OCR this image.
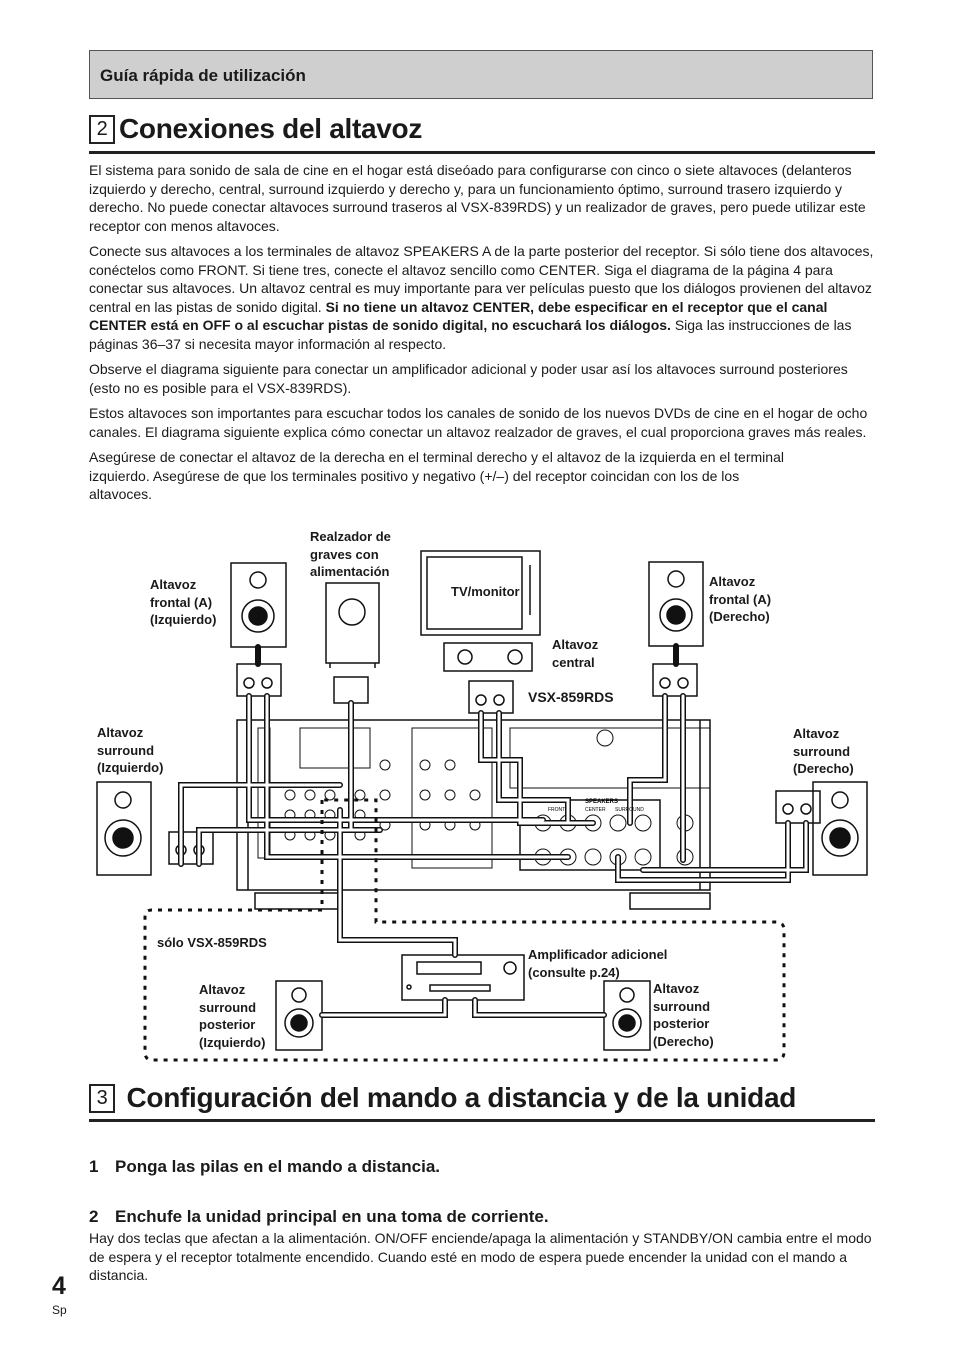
Guía rápida de utilización
2 Conexiones del altavoz

El sistema para sonido de sala de cine en el hogar está diseóado para configurarse con cinco o siete altavoces (delanteros izquierdo y derecho, central, surround izquierdo y derecho y, para un funcionamiento óptimo, surround trasero izquierdo y derecho. No puede conectar altavoces surround traseros al VSX-839RDS) y un realizador de graves, pero puede utilizar este receptor con menos altavoces.

Conecte sus altavoces a los terminales de altavoz SPEAKERS A de la parte posterior del receptor. Si sólo tiene dos altavoces, conéctelos como FRONT. Si tiene tres, conecte el altavoz sencillo como CENTER. Siga el diagrama de la página 4 para conectar sus altavoces. Un altavoz central es muy importante para ver películas puesto que los diálogos provienen del altavoz central en las pistas de sonido digital. Si no tiene un altavoz CENTER, debe especificar en el receptor que el canal CENTER está en OFF o al escuchar pistas de sonido digital, no escuchará los diálogos. Siga las instrucciones de las páginas 36–37 si necesita mayor información al respecto.

Observe el diagrama siguiente para conectar un amplificador adicional y poder usar así los altavoces surround posteriores (esto no es posible para el VSX-839RDS).

Estos altavoces son importantes para escuchar todos los canales de sonido de los nuevos DVDs de cine en el hogar de ocho canales. El diagrama siguiente explica cómo conectar un altavoz realzador de graves, el cual proporciona graves más reales.

Asegúrese de conectar el altavoz de la derecha en el terminal derecho y el altavoz de la izquierda en el terminal izquierdo. Asegúrese de que los terminales positivo y negativo (+/–) del receptor coincidan con los de los altavoces.

SPEAKERS
FRONT	CENTER SURROUND
Realzador de graves con alimentación
Altavoz frontal (A) (Izquierdo)
Altavoz frontal (A) (Derecho)
TV/monitor
Altavoz central
VSX-859RDS
Altavoz surround (Izquierdo)
Altavoz surround (Derecho)
sólo VSX-859RDS
Amplificador adicionel (consulte p.24)
Altavoz surround posterior (Izquierdo)
Altavoz surround posterior (Derecho)
3 Configuración del mando a distancia y de la unidad
1 Ponga las pilas en el mando a distancia.
2 Enchufe la unidad principal en una toma de corriente.
Hay dos teclas que afectan a la alimentación. ON/OFF enciende/apaga la alimentación y STANDBY/ON cambia entre el modo de espera y el receptor totalmente encendido. Cuando esté en modo de espera puede encender la unidad con el mando a distancia.
4
Sp
